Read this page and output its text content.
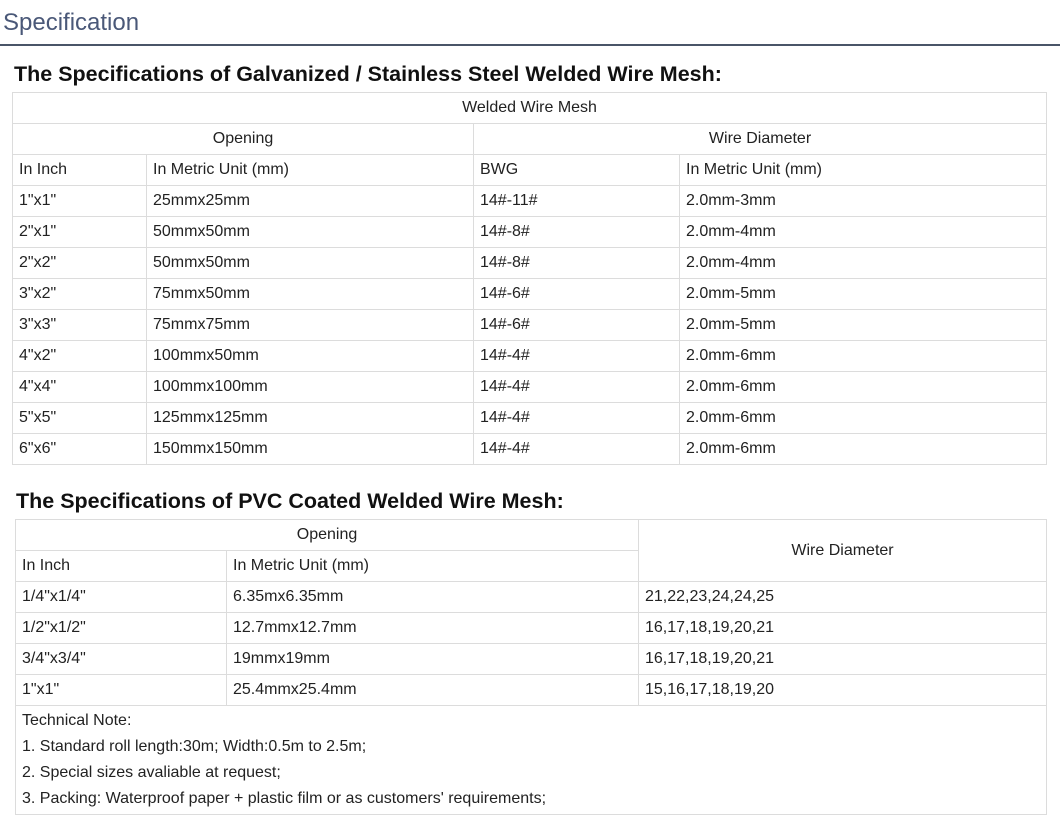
Specification
The Specifications of Galvanized / Stainless Steel Welded Wire Mesh:
Welded Wire Mesh			
Opening		Wire Diameter	
In Inch	In Metric Unit (mm)	BWG	In Metric Unit (mm)
1"x1"	25mmx25mm	14#-11#	2.0mm-3mm
2"x1"	50mmx50mm	14#-8#	2.0mm-4mm
2"x2"	50mmx50mm	14#-8#	2.0mm-4mm
3"x2"	75mmx50mm	14#-6#	2.0mm-5mm
3"x3"	75mmx75mm	14#-6#	2.0mm-5mm
4"x2"	100mmx50mm	14#-4#	2.0mm-6mm
4"x4"	100mmx100mm	14#-4#	2.0mm-6mm
5"x5"	125mmx125mm	14#-4#	2.0mm-6mm
6"x6"	150mmx150mm	14#-4#	2.0mm-6mm
The Specifications of PVC Coated Welded Wire Mesh:
Opening		Wire Diameter
In Inch	In Metric Unit (mm)	
1/4"x1/4"	6.35mx6.35mm	21,22,23,24,24,25
1/2"x1/2"	12.7mmx12.7mm	16,17,18,19,20,21
3/4"x3/4"	19mmx19mm	16,17,18,19,20,21
1"x1"	25.4mmx25.4mm	15,16,17,18,19,20

Technical Note:
1. Standard roll length:30m; Width:0.5m to 2.5m;
2. Special sizes avaliable at request;
3. Packing: Waterproof paper + plastic film or as customers' requirements;		
